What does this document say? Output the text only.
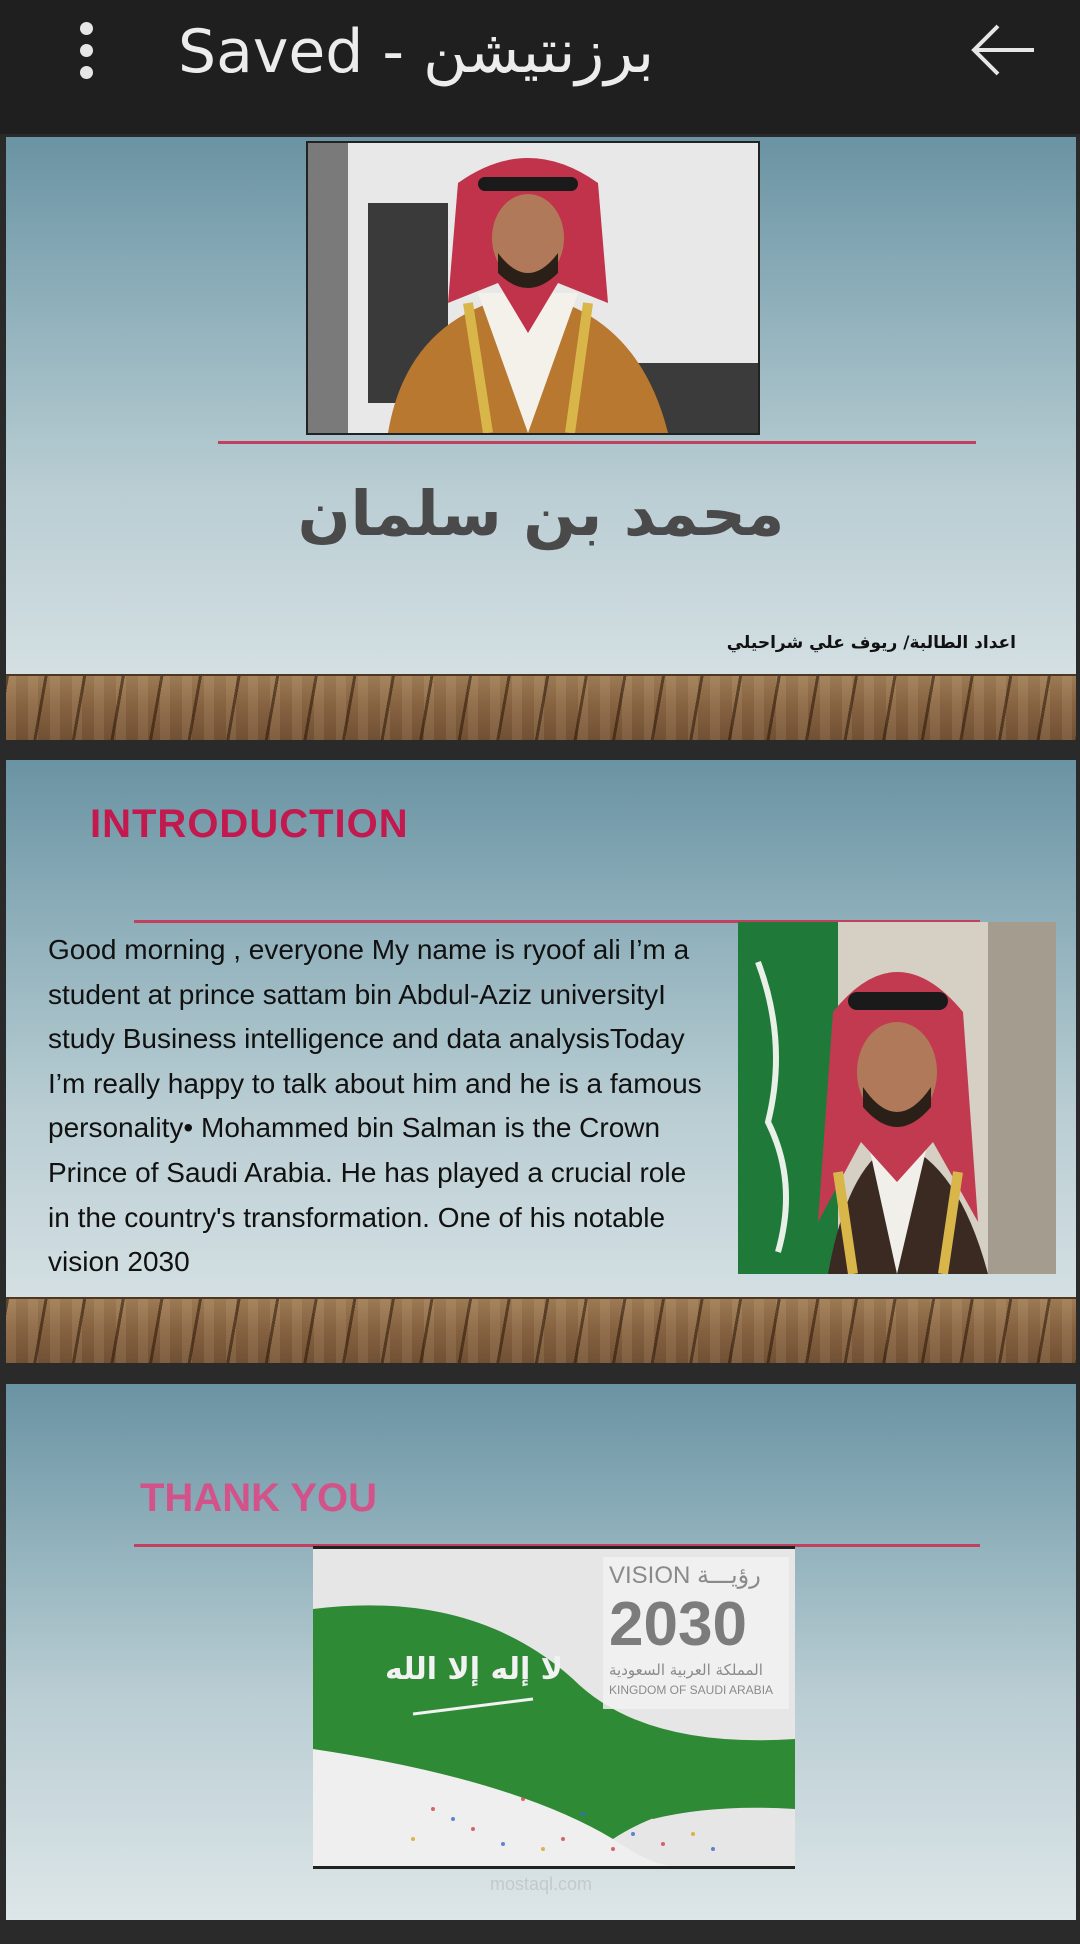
Saved - برزنتيشن
محمد بن سلمان
اعداد الطالبة/ ريوف علي شراحيلي
INTRODUCTION
Good morning , everyone My name is ryoof ali I’m a student at prince sattam bin Abdul-Aziz universityI study Business intelligence and data analysisToday I’m really happy to talk about him and he is a famous personality• Mohammed bin Salman is the Crown Prince of Saudi Arabia. He has played a crucial role in the country's transformation. One of his notable vision 2030
THANK YOU
لا إله إلا الله
VISION رؤيـــة
2030
المملكة العربية السعودية
KINGDOM OF SAUDI ARABIA
mostaql.com
